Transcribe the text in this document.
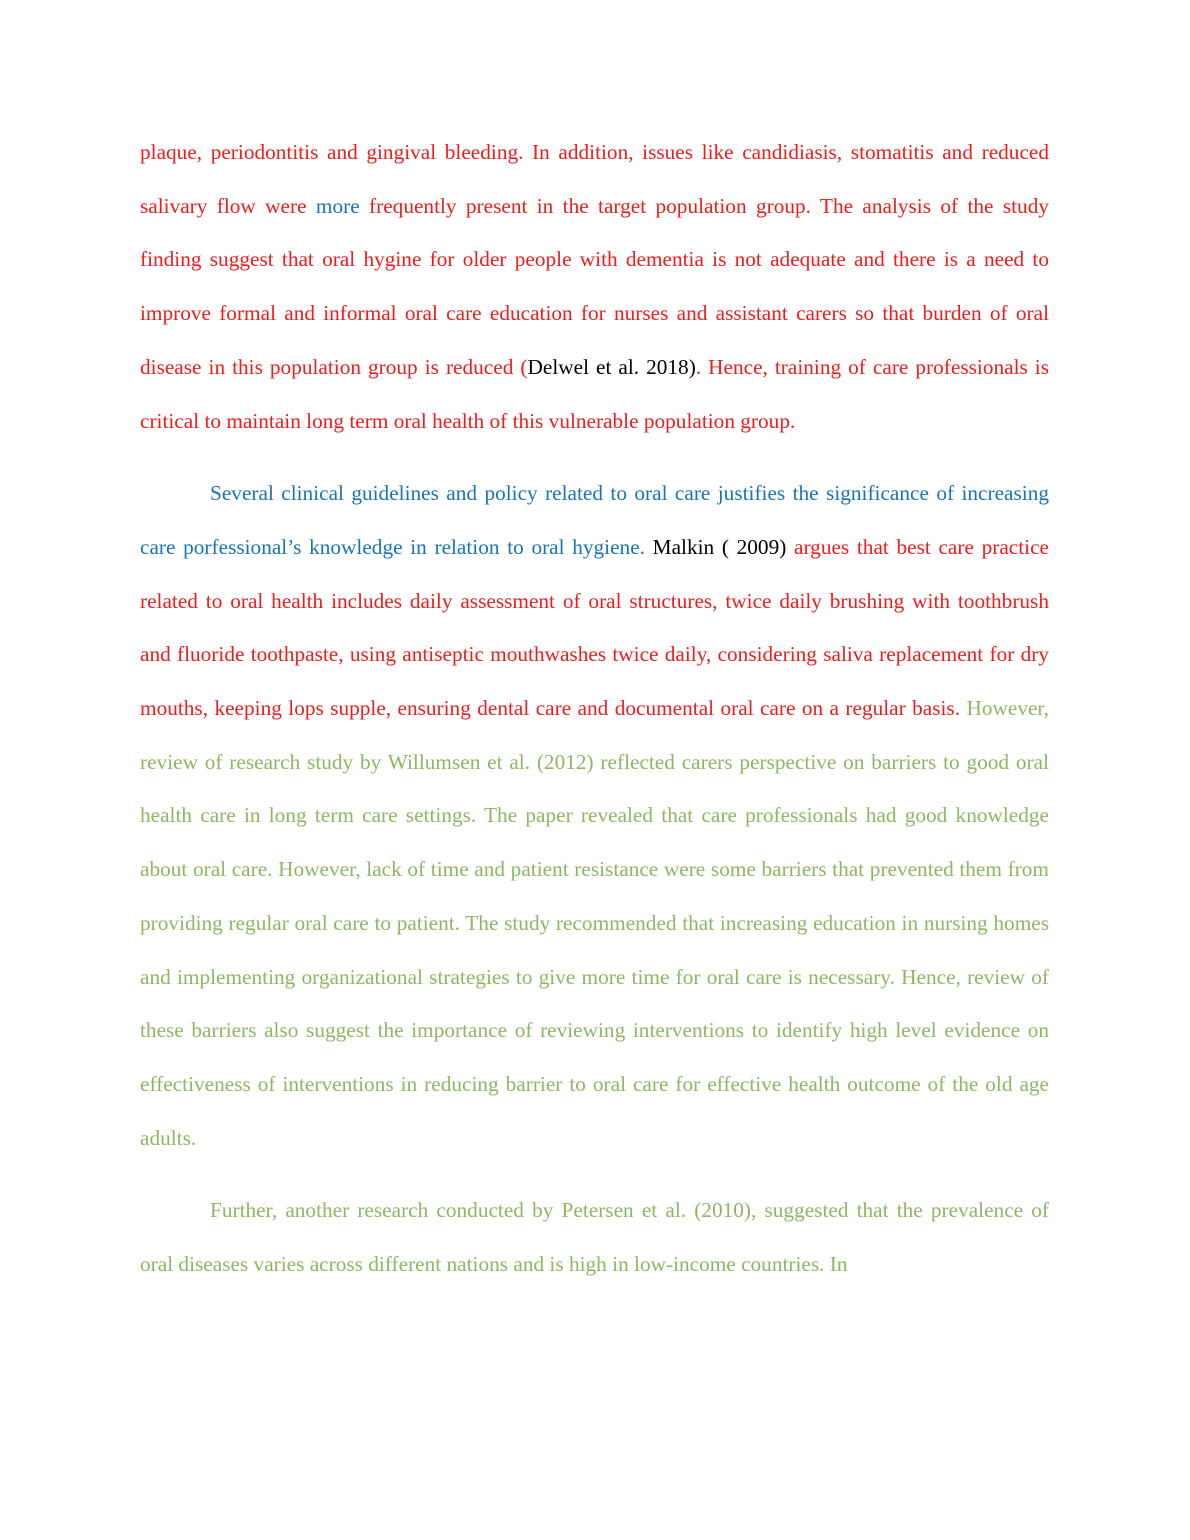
plaque, periodontitis and gingival bleeding. In addition, issues like candidiasis, stomatitis and reduced salivary flow were more frequently present in the target population group. The analysis of the study finding suggest that oral hygine for older people with dementia is not adequate and there is a need to improve formal and informal oral care education for nurses and assistant carers so that burden of oral disease in this population group is reduced (Delwel et al. 2018). Hence, training of care professionals is critical to maintain long term oral health of this vulnerable population group.

Several clinical guidelines and policy related to oral care justifies the significance of increasing care porfessional’s knowledge in relation to oral hygiene. Malkin ( 2009) argues that best care practice related to oral health includes daily assessment of oral structures, twice daily brushing with toothbrush and fluoride toothpaste, using antiseptic mouthwashes twice daily, considering saliva replacement for dry mouths, keeping lops supple, ensuring dental care and documental oral care on a regular basis. However, review of research study by Willumsen et al. (2012) reflected carers perspective on barriers to good oral health care in long term care settings. The paper revealed that care professionals had good knowledge about oral care. However, lack of time and patient resistance were some barriers that prevented them from providing regular oral care to patient. The study recommended that increasing education in nursing homes and implementing organizational strategies to give more time for oral care is necessary. Hence, review of these barriers also suggest the importance of reviewing interventions to identify high level evidence on effectiveness of interventions in reducing barrier to oral care for effective health outcome of the old age adults.

Further, another research conducted by Petersen et al. (2010), suggested that the prevalence of oral diseases varies across different nations and is high in low-income countries. In
